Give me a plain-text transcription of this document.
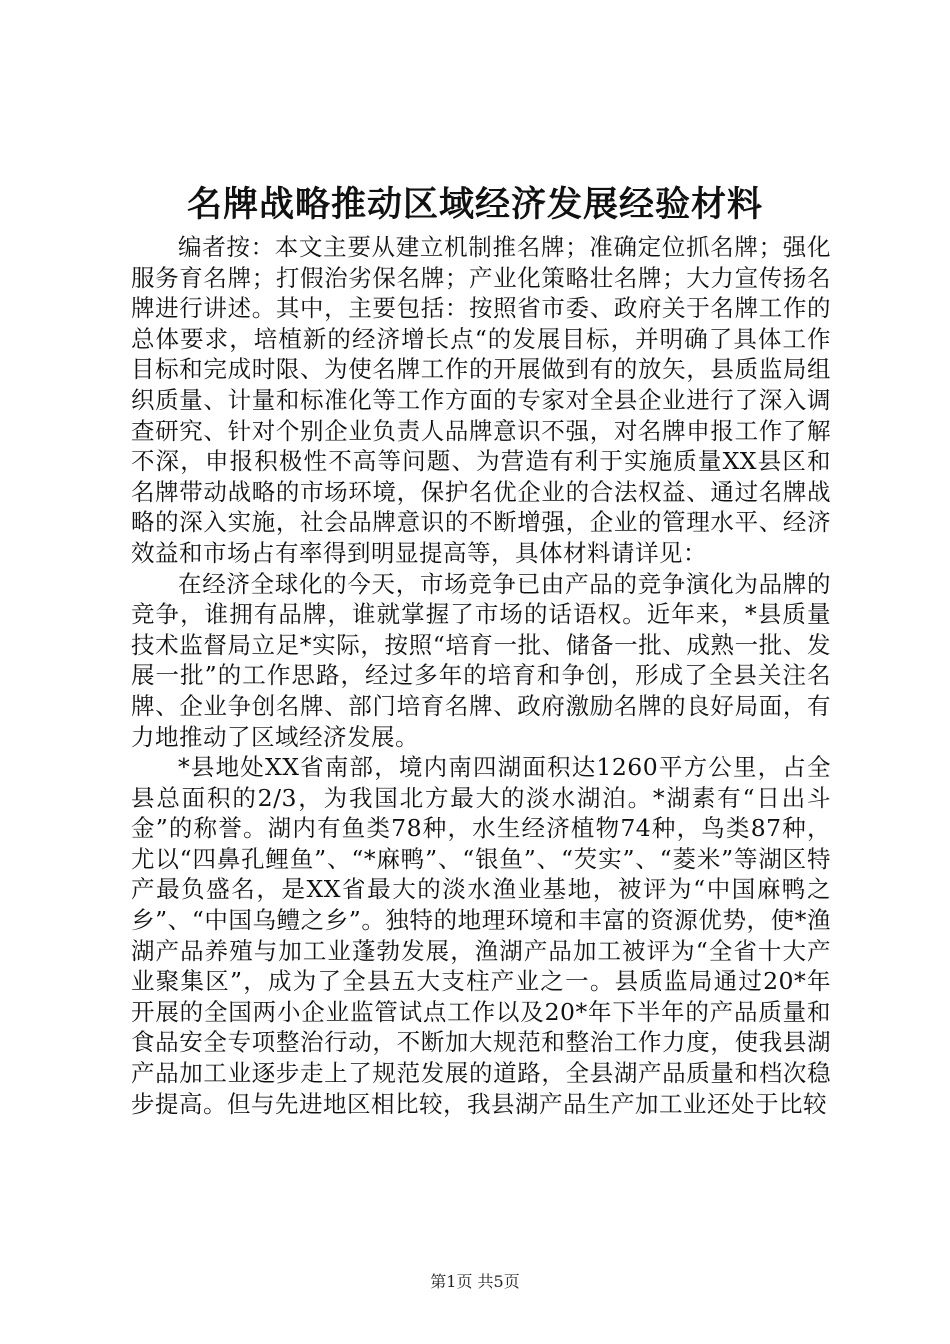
名牌战略推动区域经济发展经验材料

编者按：本文主要从建立机制推名牌；准确定位抓名牌；强化服务育名牌；打假治劣保名牌；产业化策略壮名牌；大力宣传扬名牌进行讲述。其中，主要包括：按照省市委、政府关于名牌工作的总体要求，培植新的经济增长点“的发展目标，并明确了具体工作目标和完成时限、为使名牌工作的开展做到有的放矢，县质监局组织质量、计量和标准化等工作方面的专家对全县企业进行了深入调查研究、针对个别企业负责人品牌意识不强，对名牌申报工作了解不深，申报积极性不高等问题、为营造有利于实施质量XX县区和名牌带动战略的市场环境，保护名优企业的合法权益、通过名牌战略的深入实施，社会品牌意识的不断增强，企业的管理水平、经济效益和市场占有率得到明显提高等，具体材料请详见：

在经济全球化的今天，市场竞争已由产品的竞争演化为品牌的竞争，谁拥有品牌，谁就掌握了市场的话语权。近年来，*县质量技术监督局立足*实际，按照“培育一批、储备一批、成熟一批、发展一批”的工作思路，经过多年的培育和争创，形成了全县关注名牌、企业争创名牌、部门培育名牌、政府激励名牌的良好局面，有力地推动了区域经济发展。

*县地处XX省南部，境内南四湖面积达1260平方公里，占全县总面积的2/3，为我国北方最大的淡水湖泊。*湖素有“日出斗金”的称誉。湖内有鱼类78种，水生经济植物74种，鸟类87种，尤以“四鼻孔鲤鱼”、“*麻鸭”、“银鱼”、“芡实”、“菱米”等湖区特产最负盛名，是XX省最大的淡水渔业基地，被评为“中国麻鸭之乡”、“中国乌鳢之乡”。独特的地理环境和丰富的资源优势，使*渔湖产品养殖与加工业蓬勃发展，渔湖产品加工被评为“全省十大产业聚集区”，成为了全县五大支柱产业之一。县质监局通过20*年开展的全国两小企业监管试点工作以及20*年下半年的产品质量和食品安全专项整治行动，不断加大规范和整治工作力度，使我县湖产品加工业逐步走上了规范发展的道路，全县湖产品质量和档次稳步提高。但与先进地区相比较，我县湖产品生产加工业还处于比较

第1页 共5页
